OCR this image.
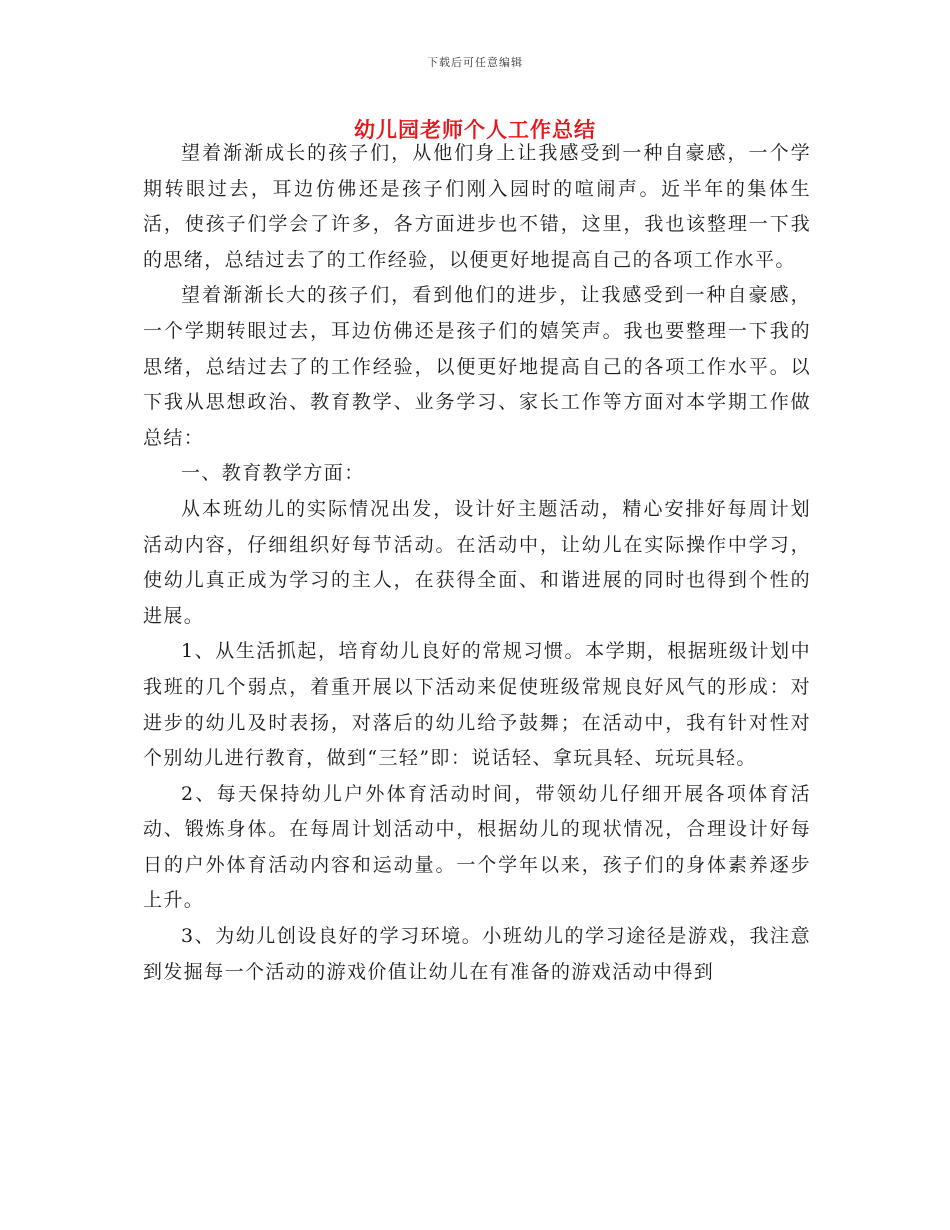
下载后可任意编辑
幼儿园老师个人工作总结

望着渐渐成长的孩子们，从他们身上让我感受到一种自豪感，一个学期转眼过去，耳边仿佛还是孩子们刚入园时的喧闹声。近半年的集体生活，使孩子们学会了许多，各方面进步也不错，这里，我也该整理一下我的思绪，总结过去了的工作经验，以便更好地提高自己的各项工作水平。

望着渐渐长大的孩子们，看到他们的进步，让我感受到一种自豪感，一个学期转眼过去，耳边仿佛还是孩子们的嬉笑声。我也要整理一下我的思绪，总结过去了的工作经验，以便更好地提高自己的各项工作水平。以下我从思想政治、教育教学、业务学习、家长工作等方面对本学期工作做总结：

一、教育教学方面：

从本班幼儿的实际情况出发，设计好主题活动，精心安排好每周计划活动内容，仔细组织好每节活动。在活动中，让幼儿在实际操作中学习，使幼儿真正成为学习的主人，在获得全面、和谐进展的同时也得到个性的进展。

1、从生活抓起，培育幼儿良好的常规习惯。本学期，根据班级计划中我班的几个弱点，着重开展以下活动来促使班级常规良好风气的形成：对进步的幼儿及时表扬，对落后的幼儿给予鼓舞；在活动中，我有针对性对个别幼儿进行教育，做到“三轻”即：说话轻、拿玩具轻、玩玩具轻。

2、每天保持幼儿户外体育活动时间，带领幼儿仔细开展各项体育活动、锻炼身体。在每周计划活动中，根据幼儿的现状情况，合理设计好每日的户外体育活动内容和运动量。一个学年以来，孩子们的身体素养逐步上升。

3、为幼儿创设良好的学习环境。小班幼儿的学习途径是游戏，我注意到发掘每一个活动的游戏价值让幼儿在有准备的游戏活动中得到
